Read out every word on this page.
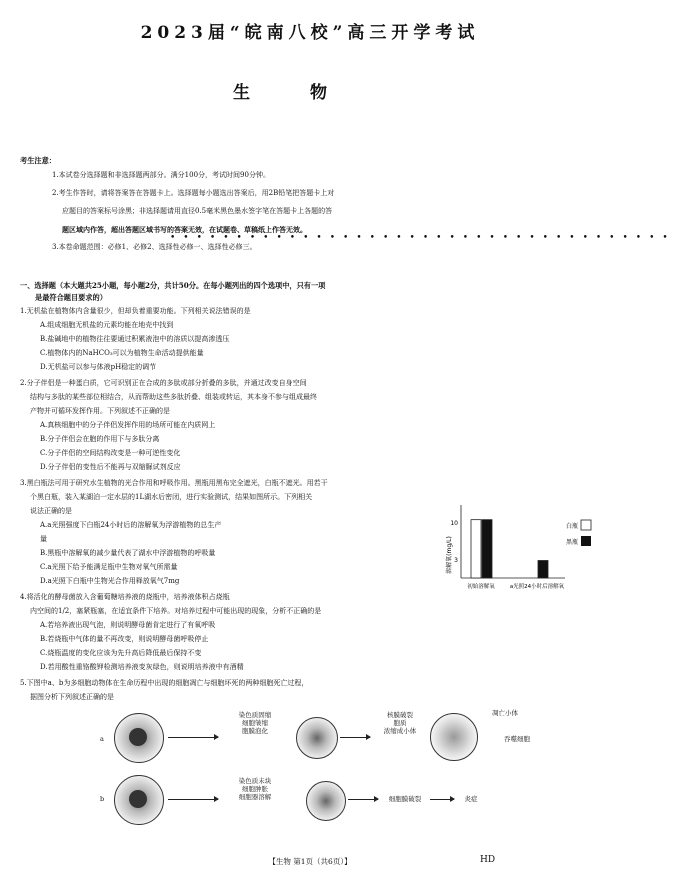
2023届“皖南八校”高三开学考试
生物
考生注意：
1.本试卷分选择题和非选择题两部分。满分100分，考试时间90分钟。
2.考生作答时，请将答案答在答题卡上。选择题每小题选出答案后，用2B铅笔把答题卡上对
应题目的答案标号涂黑；非选择题请用直径0.5毫米黑色墨水签字笔在答题卡上各题的答
题区域内作答，超出答题区域书写的答案无效，在试题卷、草稿纸上作答无效。
••••••••••••••••••••••••••••••••••••••
3.本卷命题范围：必修1、必修2、选择性必修一、选择性必修三。
一、选择题（本大题共25小题，每小题2分，共计50分。在每小题列出的四个选项中，只有一项
是最符合题目要求的）
1.无机盐在植物体内含量很少，但却负着重要功能。下列相关说法错误的是
A.组成细胞无机盐的元素均能在地壳中找到
B.盐碱地中的植物往往要通过积累液泡中的溶质以提高渗透压
C.植物体内的NaHCO₃可以为植物生命活动提供能量
D.无机盐可以参与体液pH稳定的调节
2.分子伴侣是一种蛋白质，它可识别正在合成的多肽或部分折叠的多肽，并通过改变自身空间
结构与多肽的某些部位相结合，从而帮助这些多肽折叠、组装或转运，其本身不参与组成最终
产物并可循环发挥作用。下列叙述不正确的是
A.真核细胞中的分子伴侣发挥作用的场所可能在内质网上
B.分子伴侣会在胞的作用下与多肽分离
C.分子伴侣的空间结构改变是一种可逆性变化
D.分子伴侣的变性后不能再与双缩脲试剂反应
3.黑白瓶法可用于研究水生植物的光合作用和呼吸作用。黑瓶用黑布完全遮光，白瓶不遮光。用若干
个黑白瓶，装入某湖泊一定水层的1L湖水后密闭，进行实验测试，结果如图所示。下列相关
说法正确的是
A.a光照强度下白瓶24小时后的溶解氧为浮游植物的总生产
量
B.黑瓶中溶解氧的减少量代表了湖水中浮游植物的呼吸量
C.a光照下给予能满足瓶中生物对氧气所需量
D.a光照下白瓶中生物光合作用释放氧气7mg
溶解氧(mg/L)
10
3
初始溶解氧	a光照24小时后溶解氧
白瓶
黑瓶
4.将活化的酵母菌放入含葡萄糖培养液的烧瓶中，培养液体积占烧瓶
内空间的1/2，塞紧瓶塞，在适宜条件下培养。对培养过程中可能出现的现象，分析不正确的是
A.若培养液出现气泡，则说明酵母菌肯定进行了有氧呼吸
B.若烧瓶中气体的量不再改变，则说明酵母菌呼吸停止
C.烧瓶温度的变化应该为先升高后降低最后保持不变
D.若用酸性重铬酸钾检测培养液变灰绿色，则说明培养液中有酒精
5.下图中a、b为多细胞动物体在生命历程中出现的细胞凋亡与细胞坏死的两种细胞死亡过程，
据图分析下列叙述正确的是
a
染色质固缩
细胞皱缩
胞膜泡化
核膜破裂
胞质
浓缩成小体
凋亡小体
吞噬细胞
b
染色质未块
细胞肿胀
细胞器溶解	细胞膜破裂	炎症
【生物 第1页（共6页）】	HD
